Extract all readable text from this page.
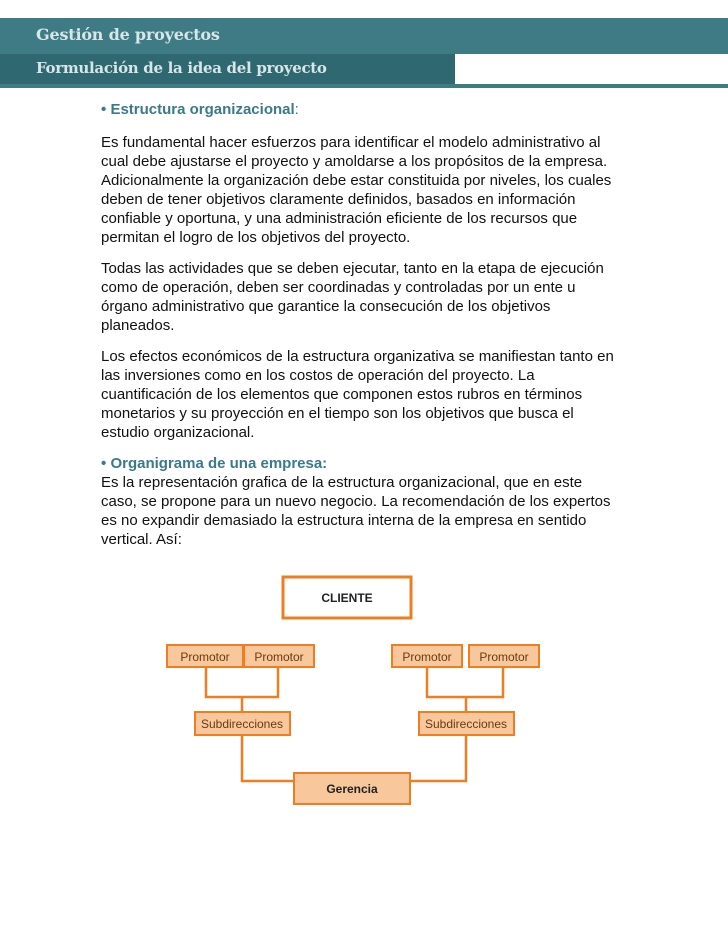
Gestión de proyectos
Formulación de la idea del proyecto
• Estructura organizacional:

Es fundamental hacer esfuerzos para identificar el modelo administrativo al cual debe ajustarse el proyecto y amoldarse a los propósitos de la empresa. Adicionalmente la organización debe estar constituida por niveles, los cuales deben de tener objetivos claramente definidos, basados en información confiable y oportuna, y una administración eficiente de los recursos que permitan el logro de los objetivos del proyecto.

Todas las actividades que se deben ejecutar, tanto en la etapa de ejecución como de operación, deben ser coordinadas y controladas por un ente u órgano administrativo que garantice la consecución de los objetivos planeados.

Los efectos económicos de la estructura organizativa se manifiestan tanto en las inversiones como en los costos de operación del proyecto. La cuantificación de los elementos que componen estos rubros en términos monetarios y su proyección en el tiempo son los objetivos que busca el estudio organizacional.

• Organigrama de una empresa:

Es la representación grafica de la estructura organizacional, que en este caso, se propone para un nuevo negocio. La recomendación de los expertos es no expandir demasiado la estructura interna de la empresa en sentido vertical. Así:

CLIENTE
Promotor Promotor	Promotor Promotor
Subdirecciones	Subdirecciones
Gerencia
